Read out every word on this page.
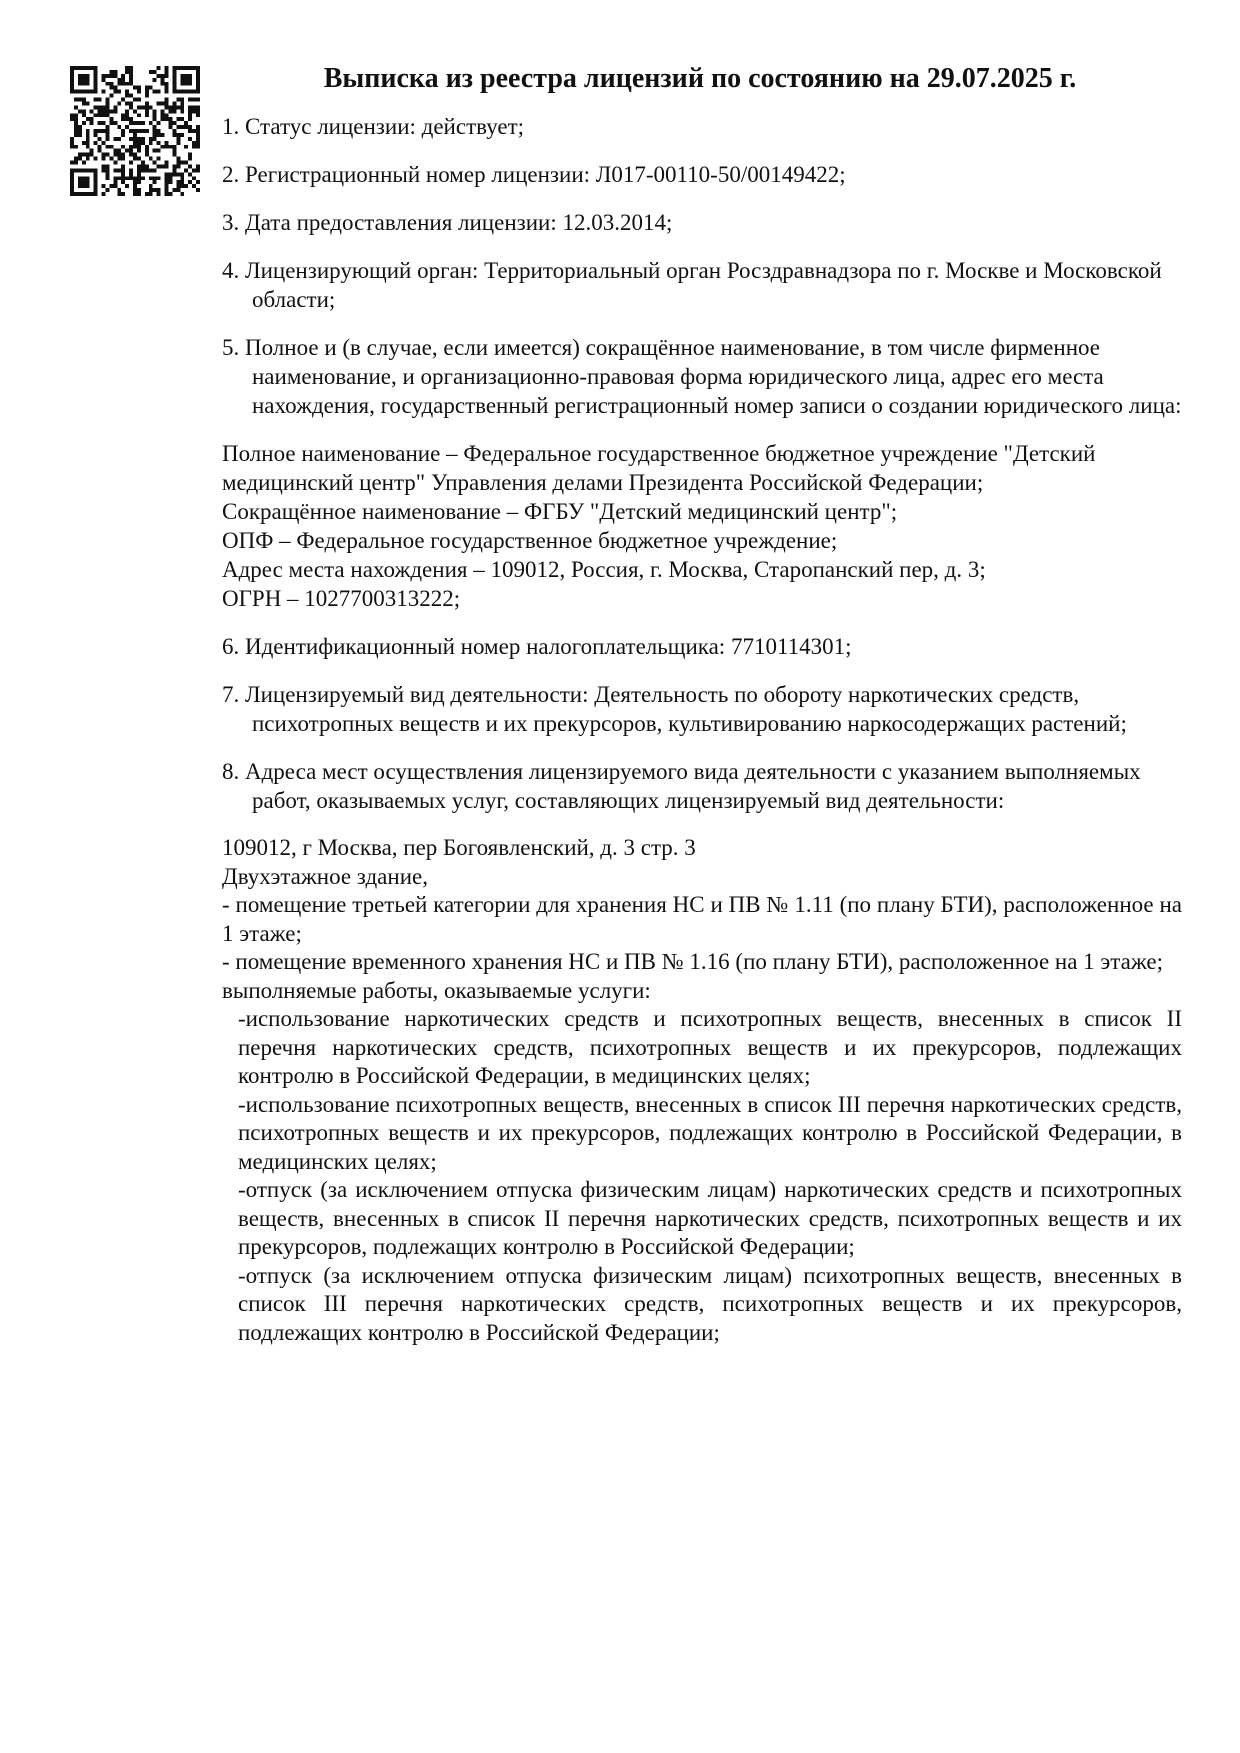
Выписка из реестра лицензий по состоянию на 29.07.2025 г.
1. Статус лицензии: действует;
2. Регистрационный номер лицензии: Л017-00110-50/00149422;
3. Дата предоставления лицензии: 12.03.2014;
4. Лицензирующий орган: Территориальный орган Росздравнадзора по г. Москве и Московской области;
5. Полное и (в случае, если имеется) сокращённое наименование, в том числе фирменное наименование, и организационно-правовая форма юридического лица, адрес его места нахождения, государственный регистрационный номер записи о создании юридического лица:
Полное наименование – Федеральное государственное бюджетное учреждение "Детский медицинский центр" Управления делами Президента Российской Федерации;
Сокращённое наименование – ФГБУ "Детский медицинский центр";
ОПФ – Федеральное государственное бюджетное учреждение;
Адрес места нахождения – 109012, Россия, г. Москва, Старопанский пер, д. 3;
ОГРН – 1027700313222;
6. Идентификационный номер налогоплательщика: 7710114301;
7. Лицензируемый вид деятельности: Деятельность по обороту наркотических средств, психотропных веществ и их прекурсоров, культивированию наркосодержащих растений;
8. Адреса мест осуществления лицензируемого вида деятельности с указанием выполняемых работ, оказываемых услуг, составляющих лицензируемый вид деятельности:
109012, г Москва, пер Богоявленский, д. 3 стр. 3
Двухэтажное здание,
- помещение третьей категории для хранения НС и ПВ № 1.11 (по плану БТИ), расположенное на 1 этаже;
- помещение временного хранения НС и ПВ № 1.16 (по плану БТИ), расположенное на 1 этаже;
выполняемые работы, оказываемые услуги:
-использование наркотических средств и психотропных веществ, внесенных в список II перечня наркотических средств, психотропных веществ и их прекурсоров, подлежащих контролю в Российской Федерации, в медицинских целях;
-использование психотропных веществ, внесенных в список III перечня наркотических средств, психотропных веществ и их прекурсоров, подлежащих контролю в Российской Федерации, в медицинских целях;
-отпуск (за исключением отпуска физическим лицам) наркотических средств и психотропных веществ, внесенных в список II перечня наркотических средств, психотропных веществ и их прекурсоров, подлежащих контролю в Российской Федерации;
-отпуск (за исключением отпуска физическим лицам) психотропных веществ, внесенных в список III перечня наркотических средств, психотропных веществ и их прекурсоров, подлежащих контролю в Российской Федерации;
